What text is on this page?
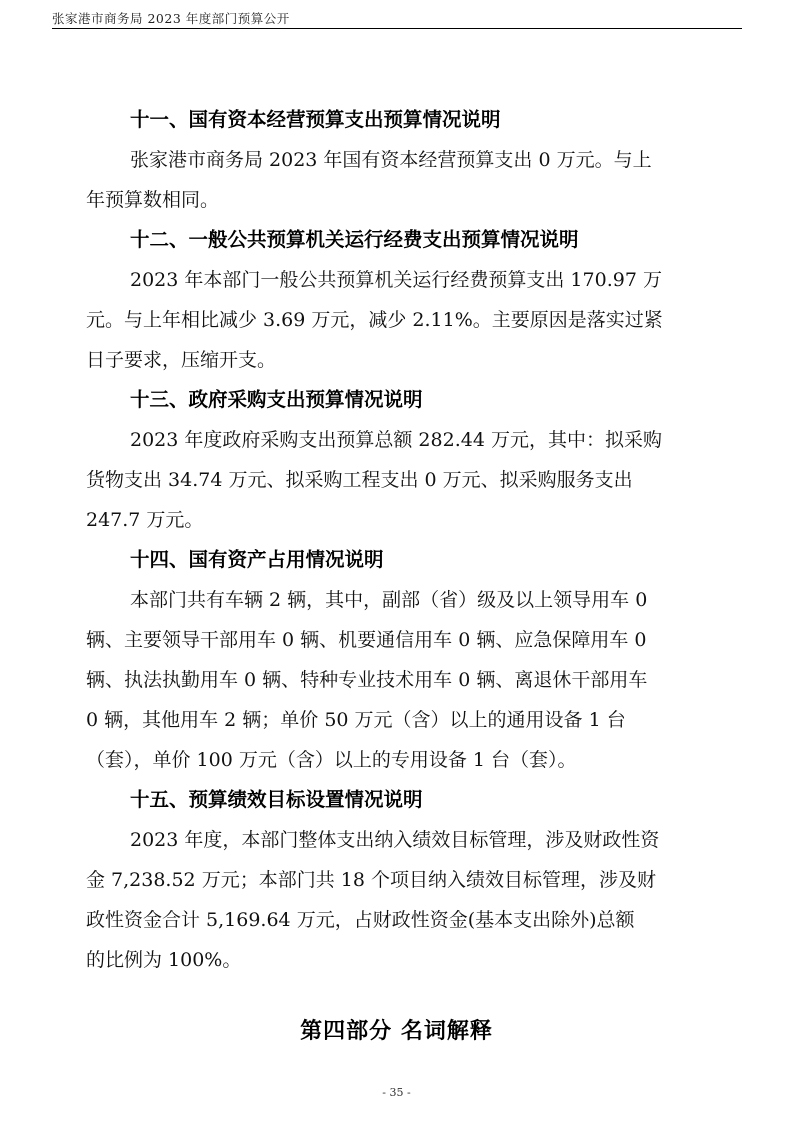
张家港市商务局 2023 年度部门预算公开

十一、国有资本经营预算支出预算情况说明

张家港市商务局 2023 年国有资本经营预算支出 0 万元。与上
年预算数相同。

十二、一般公共预算机关运行经费支出预算情况说明

2023 年本部门一般公共预算机关运行经费预算支出 170.97 万
元。与上年相比减少 3.69 万元，减少 2.11%。主要原因是落实过紧
日子要求，压缩开支。

十三、政府采购支出预算情况说明

2023 年度政府采购支出预算总额 282.44 万元，其中：拟采购
货物支出 34.74 万元、拟采购工程支出 0 万元、拟采购服务支出
247.7 万元。

十四、国有资产占用情况说明

本部门共有车辆 2 辆，其中，副部（省）级及以上领导用车 0
辆、主要领导干部用车 0 辆、机要通信用车 0 辆、应急保障用车 0
辆、执法执勤用车 0 辆、特种专业技术用车 0 辆、离退休干部用车
0 辆，其他用车 2 辆；单价 50 万元（含）以上的通用设备 1 台
（套），单价 100 万元（含）以上的专用设备 1 台（套）。

十五、预算绩效目标设置情况说明

2023 年度，本部门整体支出纳入绩效目标管理，涉及财政性资
金 7,238.52 万元；本部门共 18 个项目纳入绩效目标管理，涉及财
政性资金合计 5,169.64 万元，占财政性资金(基本支出除外)总额
的比例为 100%。

第四部分 名词解释
- 35 -
